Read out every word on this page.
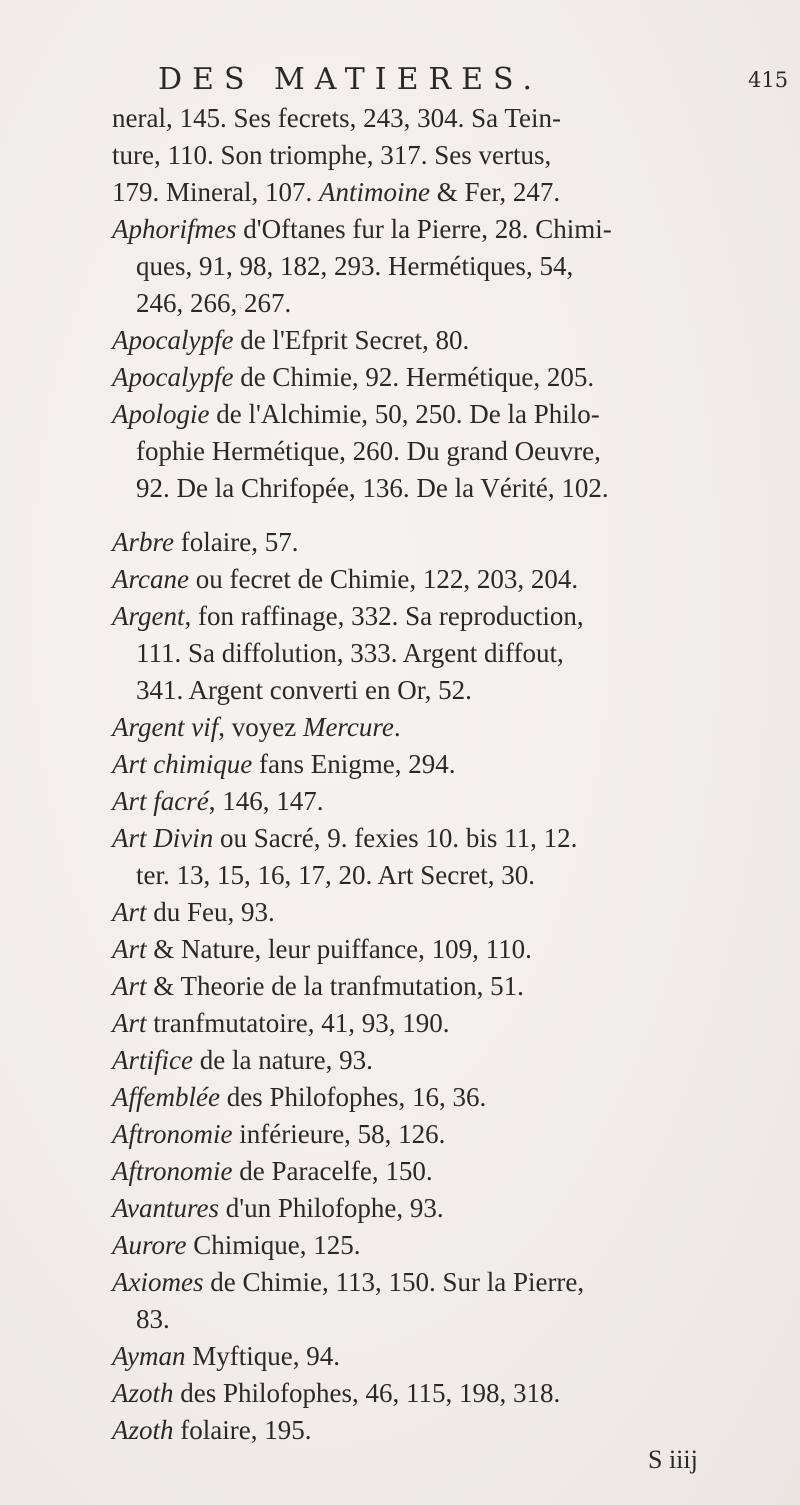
DES MATIERES.	415
neral, 145. Ses fecrets, 243, 304. Sa Tein-
ture, 110. Son triomphe, 317. Ses vertus,
179. Mineral, 107. Antimoine & Fer, 247.
Aphorifmes d'Oftanes fur la Pierre, 28. Chimi-
ques, 91, 98, 182, 293. Hermétiques, 54,
246, 266, 267.
Apocalypfe de l'Efprit Secret, 80.
Apocalypfe de Chimie, 92. Hermétique, 205.
Apologie de l'Alchimie, 50, 250. De la Philo-
fophie Hermétique, 260. Du grand Oeuvre,
92. De la Chrifopée, 136. De la Vérité, 102.
Arbre folaire, 57.
Arcane ou fecret de Chimie, 122, 203, 204.
Argent, fon raffinage, 332. Sa reproduction,
111. Sa diffolution, 333. Argent diffout,
341. Argent converti en Or, 52.
Argent vif, voyez Mercure.
Art chimique fans Enigme, 294.
Art facré, 146, 147.
Art Divin ou Sacré, 9. fexies 10. bis 11, 12.
ter. 13, 15, 16, 17, 20. Art Secret, 30.
Art du Feu, 93.
Art & Nature, leur puiffance, 109, 110.
Art & Theorie de la tranfmutation, 51.
Art tranfmutatoire, 41, 93, 190.
Artifice de la nature, 93.
Affemblée des Philofophes, 16, 36.
Aftronomie inférieure, 58, 126.
Aftronomie de Paracelfe, 150.
Avantures d'un Philofophe, 93.
Aurore Chimique, 125.
Axiomes de Chimie, 113, 150. Sur la Pierre,
83.
Ayman Myftique, 94.
Azoth des Philofophes, 46, 115, 198, 318.
Azoth folaire, 195.
S iiij
